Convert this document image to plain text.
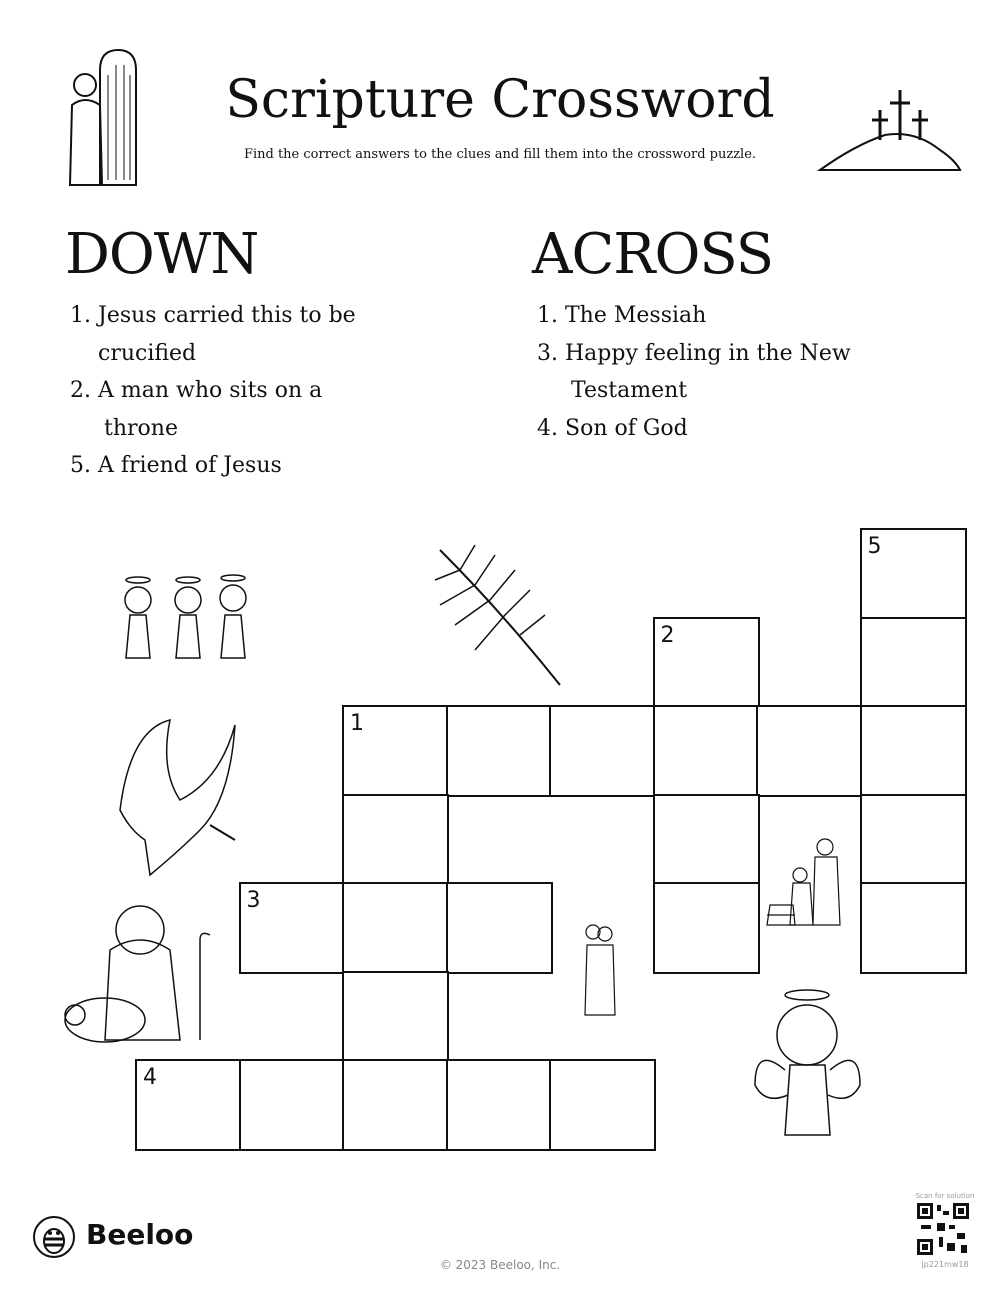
Scripture Crossword
Find the correct answers to the clues and fill them into the crossword puzzle.
DOWN
1. Jesus carried this to be
crucified
2. A man who sits on a
throne
5. A friend of Jesus
ACROSS
1. The Messiah
3. Happy feeling in the New
Testament
4. Son of God
5
2
1
3
4
Beeloo
© 2023 Beeloo, Inc.
Scan for solution
jp221mw18
